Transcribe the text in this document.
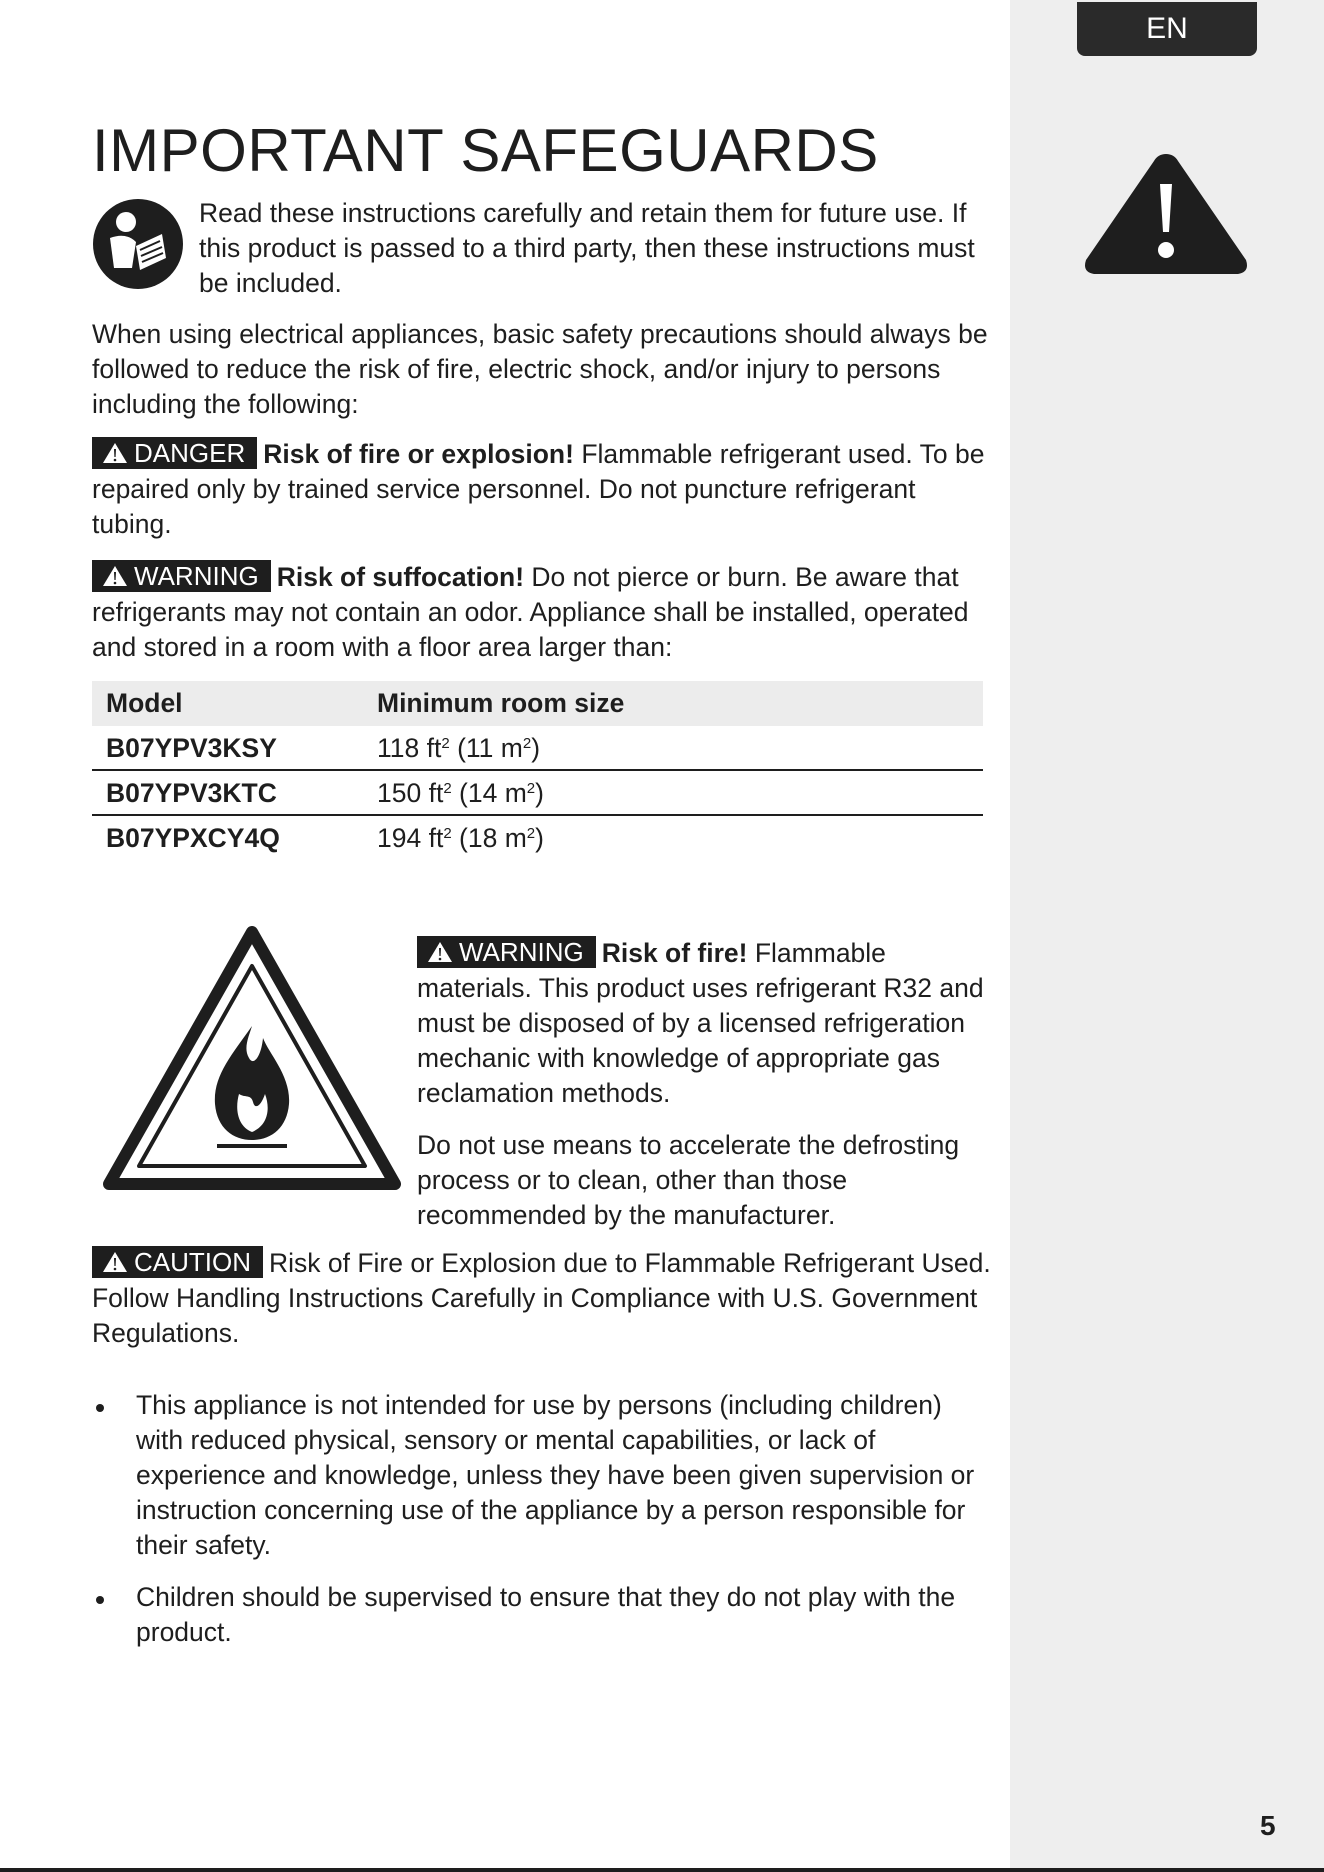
EN
IMPORTANT SAFEGUARDS

Read these instructions carefully and retain them for future use. If this product is passed to a third party, then these instructions must be included.

When using electrical appliances, basic safety precautions should always be followed to reduce the risk of fire, electric shock, and/or injury to persons including the following:

DANGER Risk of fire or explosion! Flammable refrigerant used. To be repaired only by trained service personnel. Do not puncture refrigerant tubing.

WARNING Risk of suffocation! Do not pierce or burn. Be aware that refrigerants may not contain an odor. Appliance shall be installed, operated and stored in a room with a floor area larger than:

Model	Minimum room size
B07YPV3KSY	118 $ft^2$ (11 $m^2$)
B07YPV3KTC	150 $ft^2$ (14 $m^2$)
B07YPXCY4Q	194 $ft^2$ (18 $m^2$)

WARNING Risk of fire! Flammable materials. This product uses refrigerant R32 and must be disposed of by a licensed refrigeration mechanic with knowledge of appropriate gas reclamation methods.

Do not use means to accelerate the defrosting process or to clean, other than those recommended by the manufacturer.

CAUTION Risk of Fire or Explosion due to Flammable Refrigerant Used. Follow Handling Instructions Carefully in Compliance with U.S. Government Regulations.

This appliance is not intended for use by persons (including children) with reduced physical, sensory or mental capabilities, or lack of experience and knowledge, unless they have been given supervision or instruction concerning use of the appliance by a person responsible for their safety.
Children should be supervised to ensure that they do not play with the product.
5
